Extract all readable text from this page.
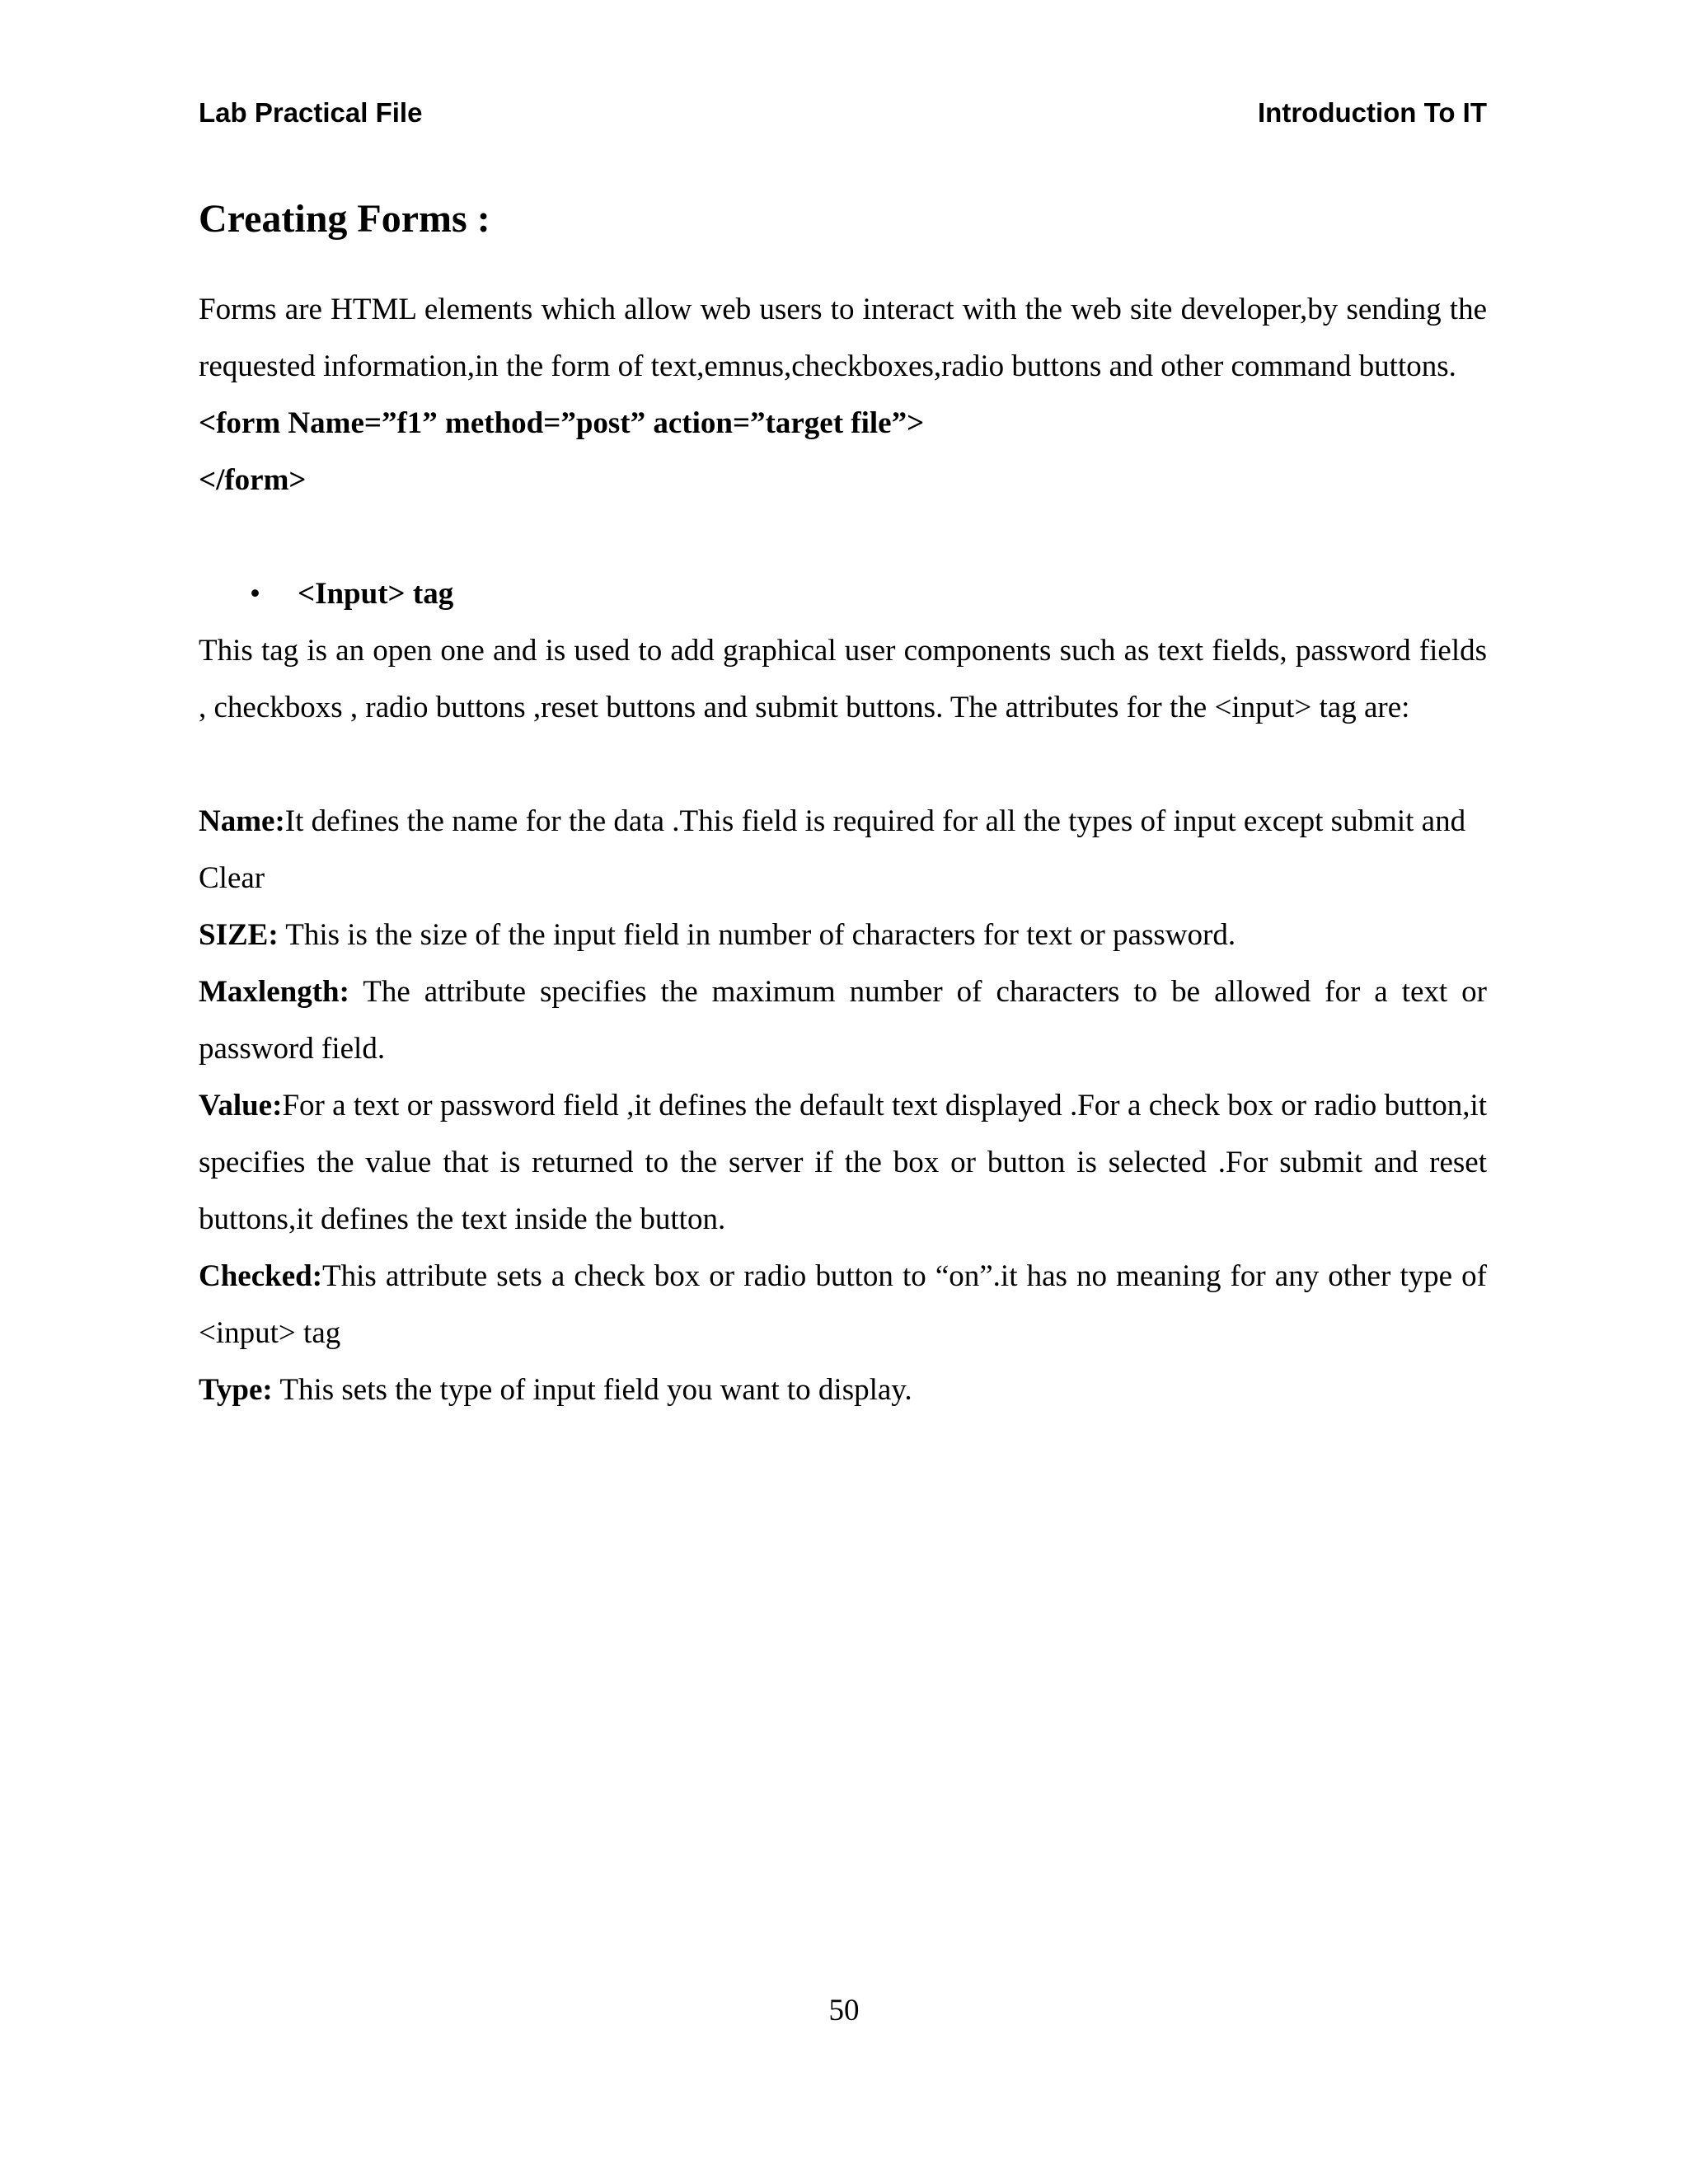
Lab Practical File	Introduction To IT
Creating Forms :

Forms are HTML elements which allow web users to interact with the web site developer,by sending the requested information,in the form of text,emnus,checkboxes,radio buttons and other command buttons.

<form Name=”f1” method=”post” action=”target file”>
</form>
• <Input> tag

This tag is an open one and is used to add graphical user components such as text fields, password fields , checkboxs , radio buttons ,reset buttons and submit buttons. The attributes for the <input> tag are:

Name:It defines the name for the data .This field is required for all the types of input except submit and

Clear

SIZE: This is the size of the input field in number of characters for text or password.

Maxlength: The attribute specifies the maximum number of characters to be allowed for a text or password field.

Value:For a text or password field ,it defines the default text displayed .For a check box or radio button,it specifies the value that is returned to the server if the box or button is selected .For submit and reset buttons,it defines the text inside the button.

Checked:This attribute sets a check box or radio button to “on”.it has no meaning for any other type of <input> tag

Type: This sets the type of input field you want to display.

50
